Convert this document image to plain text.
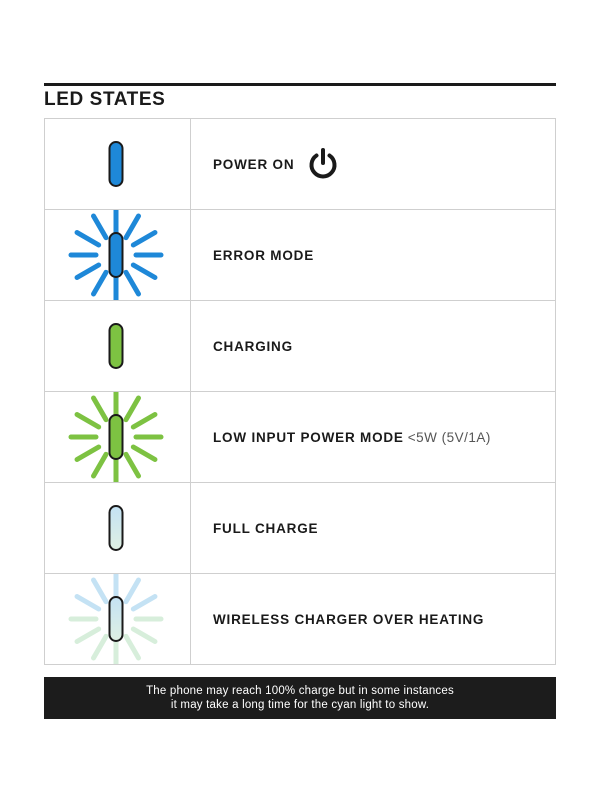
LED STATES
POWER ON
ERROR MODE
CHARGING
LOW INPUT POWER MODE <5W (5V/1A)
FULL CHARGE
WIRELESS CHARGER OVER HEATING
The phone may reach 100% charge but in some instances
it may take a long time for the cyan light to show.
